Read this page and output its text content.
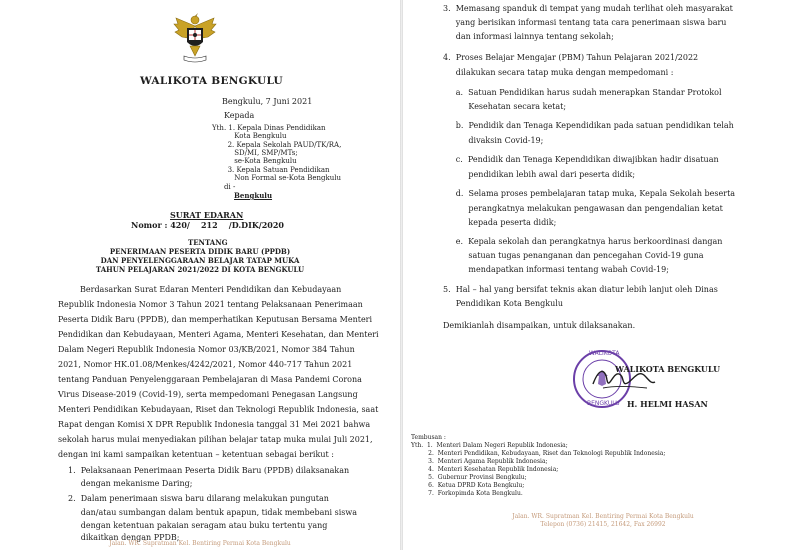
WALIKOTA BENGKULU
Bengkulu, 7 Juni 2021
Kepada
Yth. 1. Kepala Dinas Pendidikan
Kota Bengkulu
2. Kepala Sekolah PAUD/TK/RA,
SD/MI, SMP/MTs;
se-Kota Bengkulu
3. Kepala Satuan Pendidikan
Non Formal se-Kota Bengkulu
di -
Bengkulu
SURAT EDARAN
Nomor : 420/    212    /D.DIK/2020
TENTANG
PENERIMAAN PESERTA DIDIK BARU (PPDB)
DAN PENYELENGGARAAN BELAJAR TATAP MUKA
TAHUN PELAJARAN 2021/2022 DI KOTA BENGKULU
Berdasarkan Surat Edaran Menteri Pendidikan dan Kebudayaan
Republik Indonesia Nomor 3 Tahun 2021 tentang Pelaksanaan Penerimaan
Peserta Didik Baru (PPDB), dan memperhatikan Keputusan Bersama Menteri
Pendidikan dan Kebudayaan, Menteri Agama, Menteri Kesehatan, dan Menteri
Dalam Negeri Republik Indonesia Nomor 03/KB/2021, Nomor 384 Tahun
2021, Nomor HK.01.08/Menkes/4242/2021, Nomor 440-717 Tahun 2021
tentang Panduan Penyelenggaraan Pembelajaran di Masa Pandemi Corona
Virus Disease-2019 (Covid-19), serta mempedomani Penegasan Langsung
Menteri Pendidikan Kebudayaan, Riset dan Teknologi Republik Indonesia, saat
Rapat dengan Komisi X DPR Republik Indonesia tanggal 31 Mei 2021 bahwa
sekolah harus mulai menyediakan pilihan belajar tatap muka mulai Juli 2021,
dengan ini kami sampaikan ketentuan – ketentuan sebagai berikut :
1.  Pelaksanaan Penerimaan Peserta Didik Baru (PPDB) dilaksanakan
dengan mekanisme Daring;
2.  Dalam penerimaan siswa baru dilarang melakukan pungutan
dan/atau sumbangan dalam bentuk apapun, tidak membebani siswa
dengan ketentuan pakaian seragam atau buku tertentu yang
dikaitkan dengan PPDB;
Jalan. WR. Supratman Kel. Bentiring Permai Kota Bengkulu
3.  Memasang spanduk di tempat yang mudah terlihat oleh masyarakat
yang berisikan informasi tentang tata cara penerimaan siswa baru
dan informasi lainnya tentang sekolah;
4.  Proses Belajar Mengajar (PBM) Tahun Pelajaran 2021/2022
dilakukan secara tatap muka dengan mempedomani :
a.  Satuan Pendidikan harus sudah menerapkan Standar Protokol
Kesehatan secara ketat;
b.  Pendidik dan Tenaga Kependidikan pada satuan pendidikan telah
divaksin Covid-19;
c.  Pendidik dan Tenaga Kependidikan diwajibkan hadir disatuan
pendidikan lebih awal dari peserta didik;
d.  Selama proses pembelajaran tatap muka, Kepala Sekolah beserta
perangkatnya melakukan pengawasan dan pengendalian ketat
kepada peserta didik;
e.  Kepala sekolah dan perangkatnya harus berkoordinasi dangan
satuan tugas penanganan dan pencegahan Covid-19 guna
mendapatkan informasi tentang wabah Covid-19;
5.  Hal – hal yang bersifat teknis akan diatur lebih lanjut oleh Dinas
Pendidikan Kota Bengkulu
Demikianlah disampaikan, untuk dilaksanakan.
WALIKOTA
BENGKULU
WALIKOTA BENGKULU
H. HELMI HASAN
Tembusan :
Yth.  1.  Menteri Dalam Negeri Republik Indonesia;
2.  Menteri Pendidikan, Kebudayaan, Riset dan Teknologi Republik Indonesia;
3.  Menteri Agama Republik Indonesia;
4.  Menteri Kesehatan Republik Indonesia;
5.  Gubernur Provinsi Bengkulu;
6.  Ketua DPRD Kota Bengkulu;
7.  Forkopimda Kota Bengkulu.
Jalan. WR. Supratman Kel. Bentiring Permai Kota Bengkulu
Telepon (0736) 21415, 21642, Fax 26992
